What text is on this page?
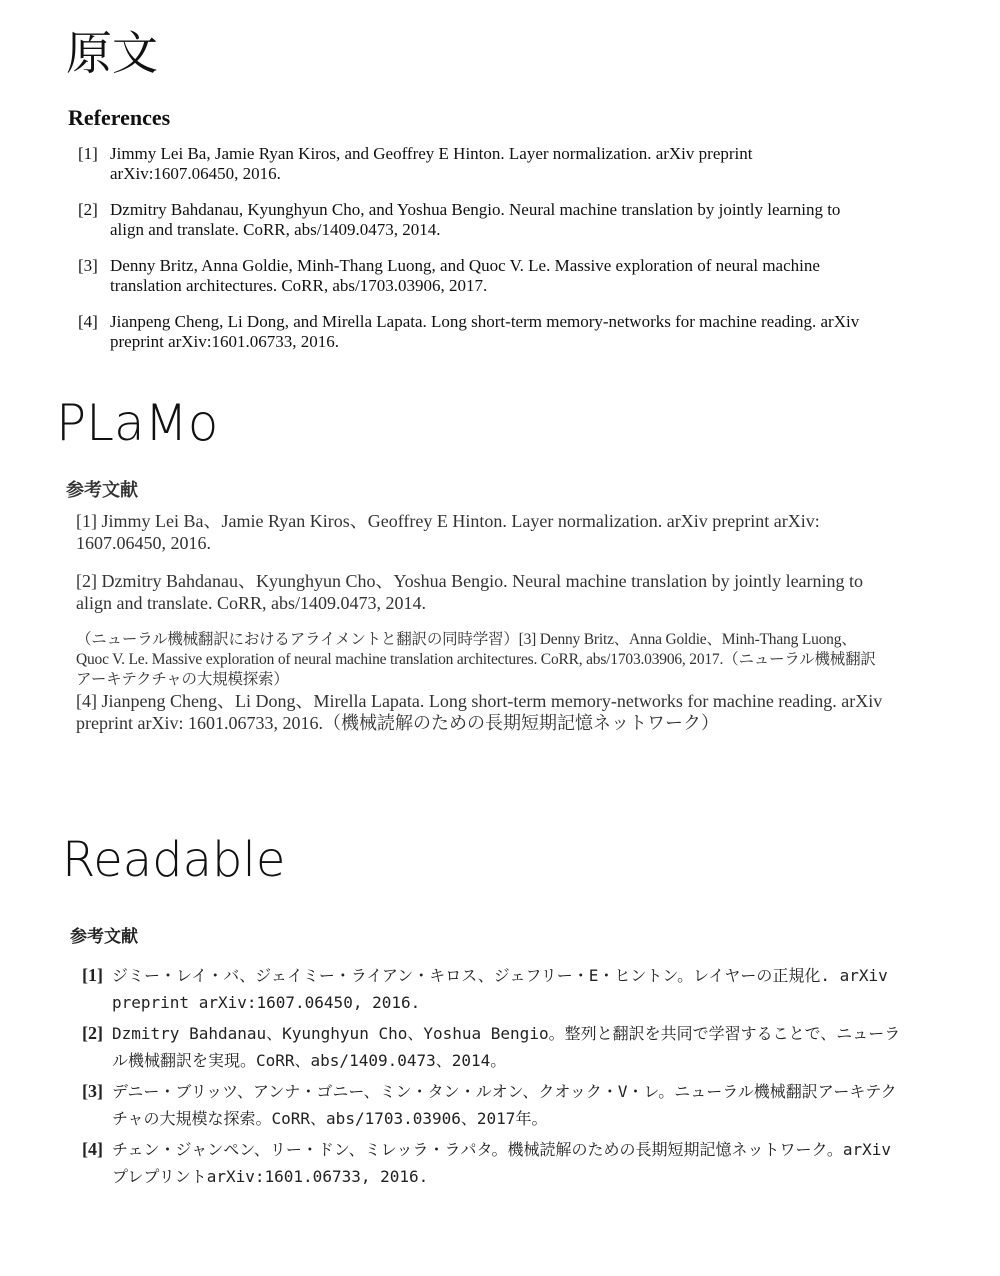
原文
References
[1] Jimmy Lei Ba, Jamie Ryan Kiros, and Geoffrey E Hinton. Layer normalization. arXiv preprint arXiv:1607.06450, 2016.
[2] Dzmitry Bahdanau, Kyunghyun Cho, and Yoshua Bengio. Neural machine translation by jointly learning to align and translate. CoRR, abs/1409.0473, 2014.
[3] Denny Britz, Anna Goldie, Minh-Thang Luong, and Quoc V. Le. Massive exploration of neural machine translation architectures. CoRR, abs/1703.03906, 2017.
[4] Jianpeng Cheng, Li Dong, and Mirella Lapata. Long short-term memory-networks for machine reading. arXiv preprint arXiv:1601.06733, 2016.
PLaMo
参考文献
[1] Jimmy Lei Ba、Jamie Ryan Kiros、Geoffrey E Hinton. Layer normalization. arXiv preprint arXiv: 1607.06450, 2016.
[2] Dzmitry Bahdanau、Kyunghyun Cho、Yoshua Bengio. Neural machine translation by jointly learning to align and translate. CoRR, abs/1409.0473, 2014.
（ニューラル機械翻訳におけるアライメントと翻訳の同時学習）[3] Denny Britz、Anna Goldie、Minh-Thang Luong、Quoc V. Le. Massive exploration of neural machine translation architectures. CoRR, abs/1703.03906, 2017.（ニューラル機械翻訳アーキテクチャの大規模探索）
[4] Jianpeng Cheng、Li Dong、Mirella Lapata. Long short-term memory-networks for machine reading. arXiv preprint arXiv: 1601.06733, 2016.（機械読解のための長期短期記憶ネットワーク）
Readable
参考文献
[1] ジミー・レイ・バ、ジェイミー・ライアン・キロス、ジェフリー・E・ヒントン。レイヤーの正規化. arXiv preprint arXiv:1607.06450, 2016.
[2] Dzmitry Bahdanau、Kyunghyun Cho、Yoshua Bengio。整列と翻訳を共同で学習することで、ニューラル機械翻訳を実現。CoRR、abs/1409.0473、2014。
[3] デニー・ブリッツ、アンナ・ゴニー、ミン・タン・ルオン、クオック・V・レ。ニューラル機械翻訳アーキテクチャの大規模な探索。CoRR、abs/1703.03906、2017年。
[4] チェン・ジャンペン、リー・ドン、ミレッラ・ラパタ。機械読解のための長期短期記憶ネットワーク。arXivプレプリントarXiv:1601.06733, 2016.
